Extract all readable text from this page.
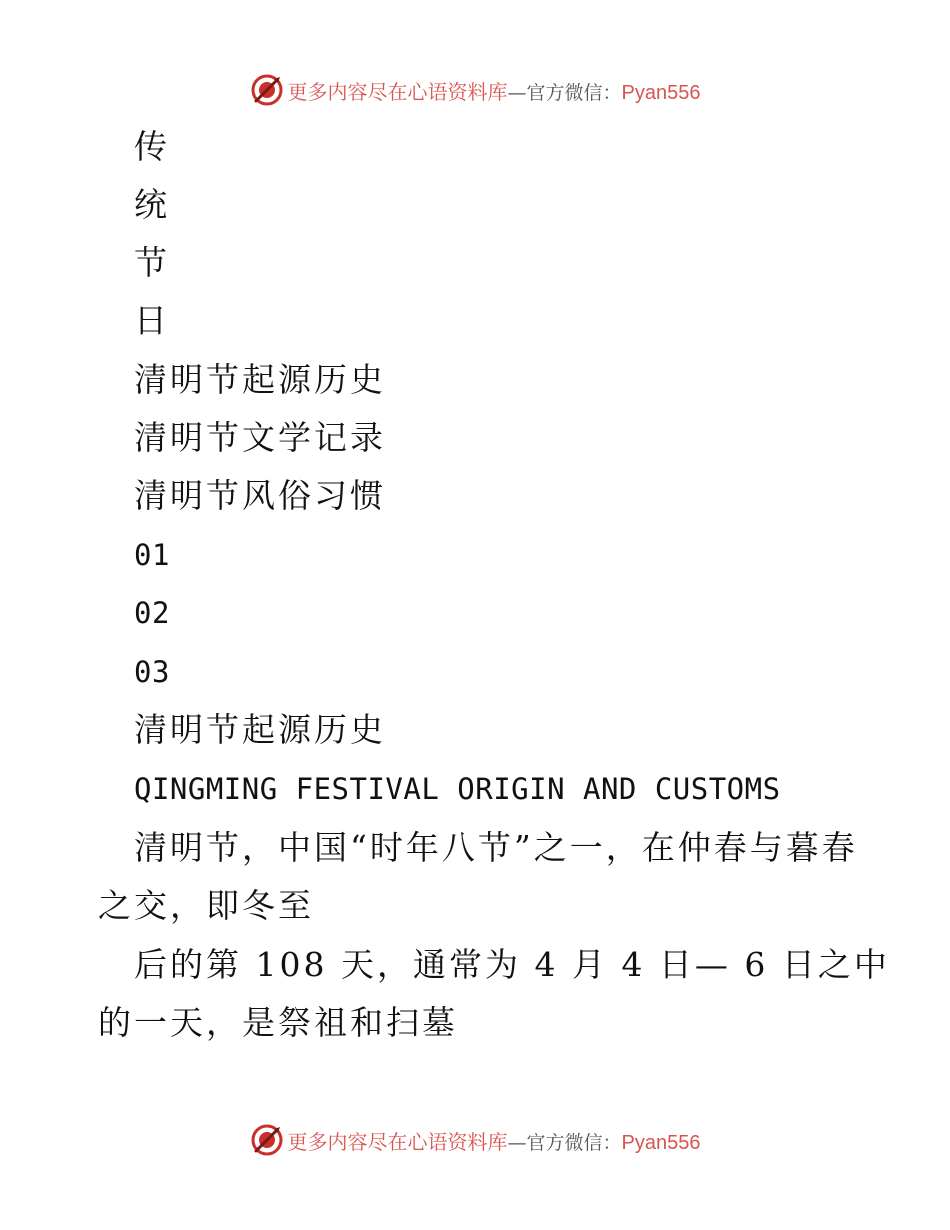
更多内容尽在心语资料库—官方微信：Pyan556
传
统
节
日
清明节起源历史
清明节文学记录
清明节风俗习惯
01
02
03
清明节起源历史
QINGMING FESTIVAL ORIGIN AND CUSTOMS
清明节，中国“时年八节”之一，在仲春与暮春
之交，即冬至
后的第 108 天，通常为 4 月 4 日— 6 日之中
的一天，是祭祖和扫墓
更多内容尽在心语资料库—官方微信：Pyan556
